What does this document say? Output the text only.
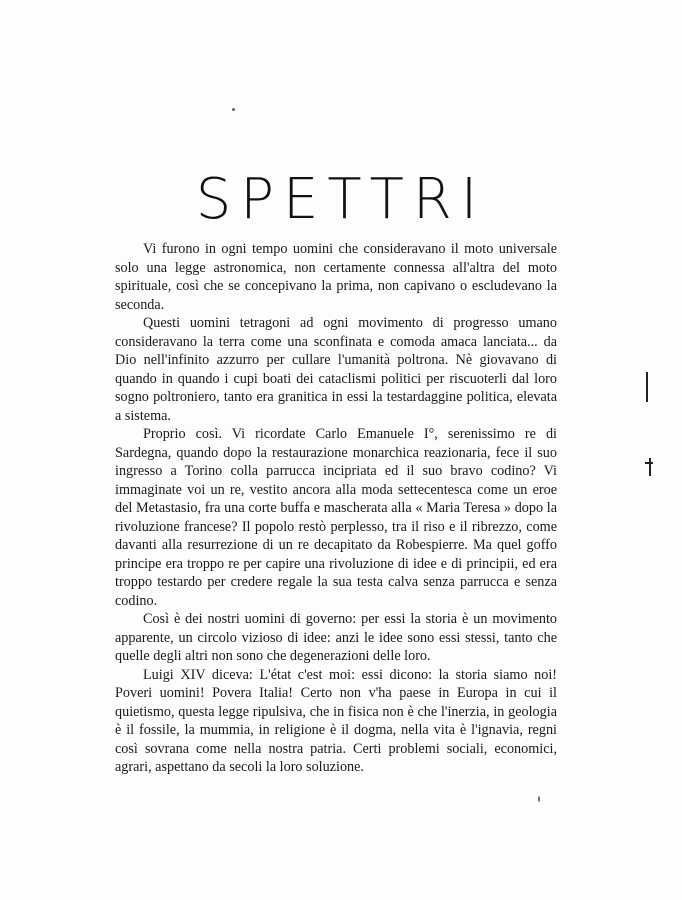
SPETTRI

Vi furono in ogni tempo uomini che consideravano il moto universale solo una legge astronomica, non certamente connessa all'altra del moto spirituale, così che se concepivano la prima, non capivano o escludevano la seconda.

Questi uomini tetragoni ad ogni movimento di progresso umano consideravano la terra come una sconfinata e comoda amaca lanciata... da Dio nell'infinito azzurro per cullare l'umanità poltrona. Nè giovavano di quando in quando i cupi boati dei cataclismi politici per riscuoterli dal loro sogno poltroniero, tanto era granitica in essi la testardaggine politica, elevata a sistema.

Proprio così. Vi ricordate Carlo Emanuele I°, serenissimo re di Sardegna, quando dopo la restaurazione monarchica reazionaria, fece il suo ingresso a Torino colla parrucca incipriata ed il suo bravo codino? Vi immaginate voi un re, vestito ancora alla moda settecentesca come un eroe del Metastasio, fra una corte buffa e mascherata alla « Maria Teresa » dopo la rivoluzione francese? Il popolo restò perplesso, tra il riso e il ribrezzo, come davanti alla resurrezione di un re decapitato da Robespierre. Ma quel goffo principe era troppo re per capire una rivoluzione di idee e di principii, ed era troppo testardo per credere regale la sua testa calva senza parrucca e senza codino.

Così è dei nostri uomini di governo: per essi la storia è un movimento apparente, un circolo vizioso di idee: anzi le idee sono essi stessi, tanto che quelle degli altri non sono che degenerazioni delle loro.

Luigi XIV diceva: L'état c'est moi: essi dicono: la storia siamo noi! Poveri uomini! Povera Italia! Certo non v'ha paese in Europa in cui il quietismo, questa legge ripulsiva, che in fisica non è che l'inerzia, in geologia è il fossile, la mummia, in religione è il dogma, nella vita è l'ignavia, regni così sovrana come nella nostra patria. Certi problemi sociali, economici, agrari, aspettano da secoli la loro soluzione.
